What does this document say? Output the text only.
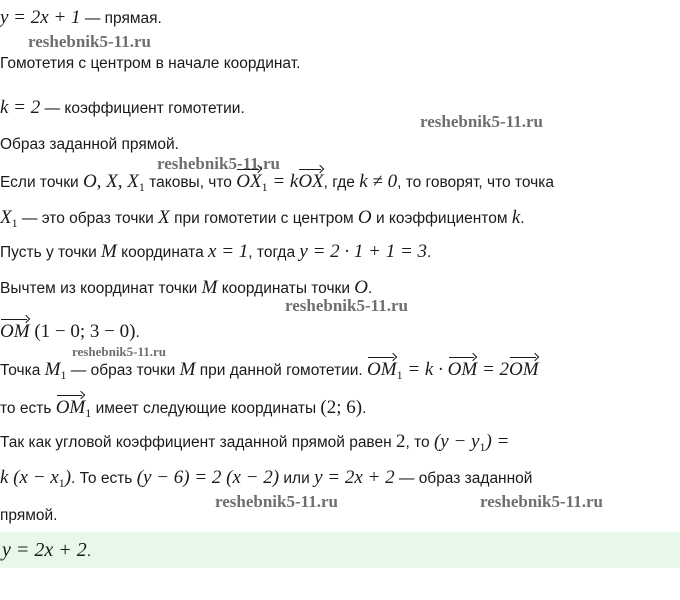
y = 2x + 1 — прямая.
reshebnik5-11.ru
Гомотетия с центром в начале координат.
k = 2 — коэффициент гомотетии.
reshebnik5-11.ru
Образ заданной прямой.
reshebnik5-11.ru
Если точки O, X, $X_1$ таковы, что $OX_1$ = kOX, где k ≠ 0, то говорят, что точка
$X_1$ — это образ точки X при гомотетии с центром O и коэффициентом k.
Пусть у точки M координата x = 1, тогда y = 2 · 1 + 1 = 3.
Вычтем из координат точки M координаты точки O.
reshebnik5-11.ru
OM (1 − 0; 3 − 0).
reshebnik5-11.ru
Точка $M_1$ — образ точки M при данной гомотетии. $OM_1 = k$ · OM = 2OM
то есть $OM_1$ имеет следующие координаты (2; 6).
Так как угловой коэффициент заданной прямой равен 2, то $(y - y_1)$ =
k $(x - x_1)$. То есть (y − 6) = 2 (x − 2) или y = 2x + 2 — образ заданной
reshebnik5-11.ru	reshebnik5-11.ru
прямой.
y = 2x + 2.
